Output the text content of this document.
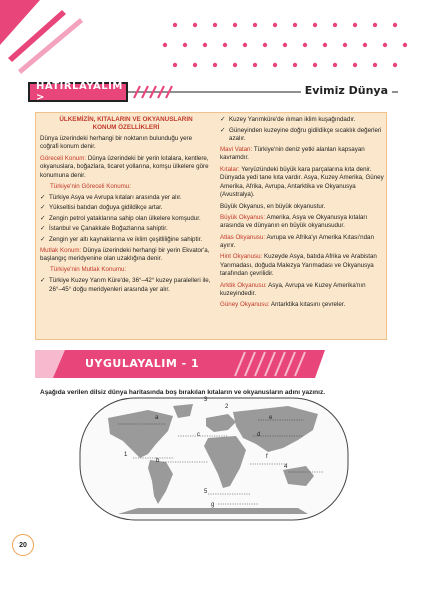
HATIRLAYALIM >
Evimiz Dünya
ÜLKEMİZİN, KITALARIN VE OKYANUSLARIN
KONUM ÖZELLİKLERİ

Dünya üzerindeki herhangi bir noktanın bulunduğu yere coğrafi konum denir.

Göreceli Konum: Dünya üzerindeki bir yerin kıtalara, kentlere, okyanuslara, boğazlara, ticaret yollarına, komşu ülkelere göre konumuna denir.

Türkiye'nin Göreceli Konumu:
✓ Türkiye Asya ve Avrupa kıtaları arasında yer alır.
✓ Yükseltisi batıdan doğuya gidildikçe artar.
✓ Zengin petrol yataklarına sahip olan ülkelere komşudur.
✓ İstanbul ve Çanakkale Boğazlarına sahiptir.
✓ Zengin yer altı kaynaklarına ve iklim çeşitliliğine sahiptir.

Mutlak Konum: Dünya üzerindeki herhangi bir yerin Ekvator'a, başlangıç meridyenine olan uzaklığına denir.

Türkiye'nin Mutlak Konumu:
✓ Türkiye Kuzey Yarım Küre'de, 36°–42° kuzey paralelleri ile, 26°–45° doğu meridyenleri arasında yer alır.
✓ Kuzey Yarımküre'de ılıman iklim kuşağındadır.
✓ Güneyinden kuzeyine doğru gidildikçe sıcaklık değerleri azalır.

Mavi Vatan: Türkiye'nin deniz yetki alanları kapsayan kavramdır.

Kıtalar: Yeryüzündeki büyük kara parçalarına kıta denir. Dünyada yedi tane kıta vardır. Asya, Kuzey Amerika, Güney Amerika, Afrika, Avrupa, Antarktika ve Okyanusya (Avustralya).

Büyük Okyanus, en büyük okyanustur.

Büyük Okyanus: Amerika, Asya ve Okyanusya kıtaları arasında ve dünyanın en büyük okyanusudur.

Atlas Okyanusu: Avrupa ve Afrika'yı Amerika Kıtası'ndan ayırır.

Hint Okyanusu: Kuzeyde Asya, batıda Afrika ve Arabistan Yarımadası, doğuda Malezya Yarımadası ve Okyanusya tarafından çevrilidir.

Arktik Okyanusu: Asya, Avrupa ve Kuzey Amerika'nın kuzeyindedir.

Güney Okyanusu: Antarktika kıtasını çevreler.

UYGULAYALIM - 1
Aşağıda verilen dilsiz dünya haritasında boş bırakılan kıtaların ve okyanusların adını yazınız.
3
a
2
c
e
d
1
b
f
4
5
g
20
